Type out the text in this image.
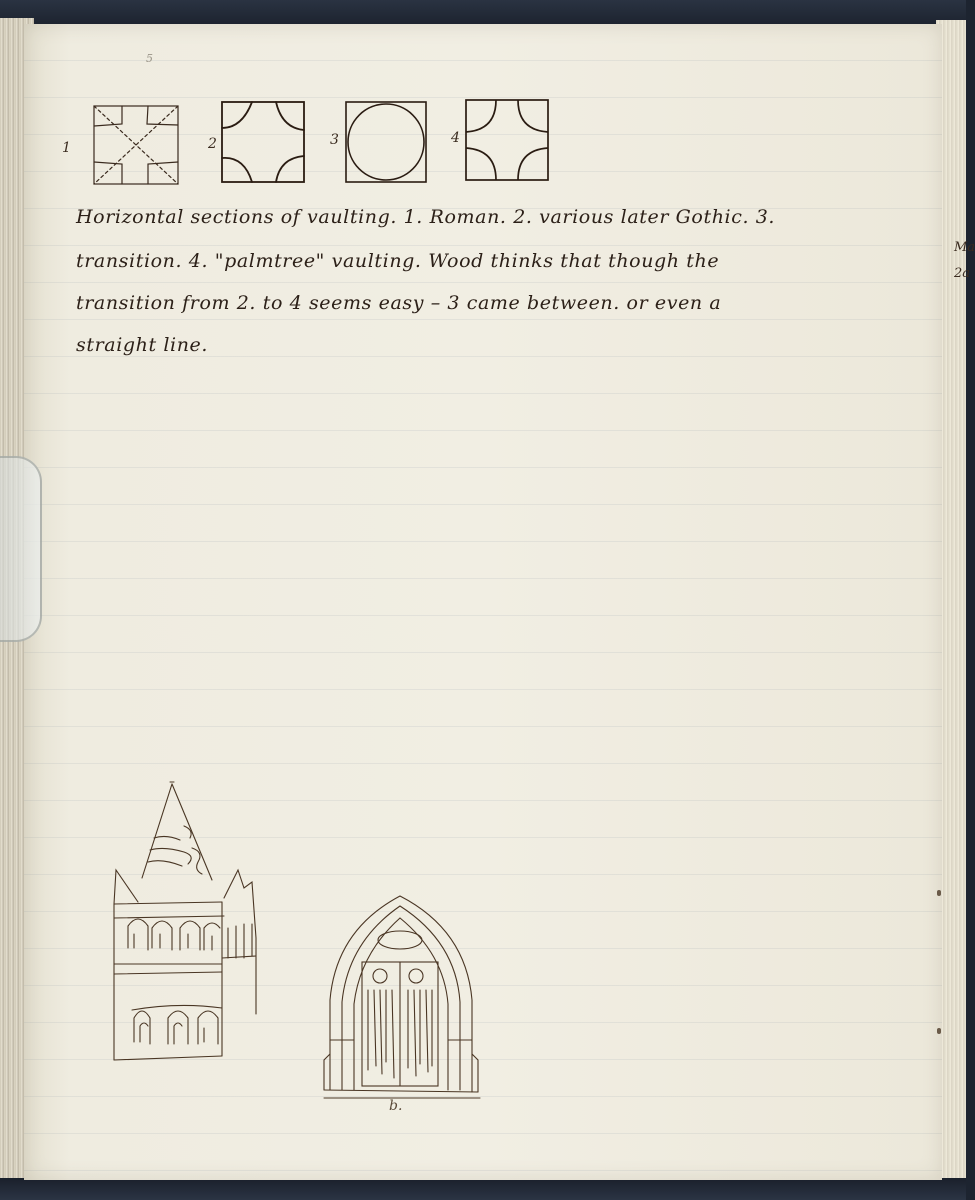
5
1	2	3	4
Horizontal sections of vaulting. 1. Roman. 2. various later Gothic. 3.
transition. 4. "palmtree" vaulting. Wood thinks that though the
transition from 2. to 4 seems easy – 3 came between. or even a
straight line.
b.
Ma 2a
